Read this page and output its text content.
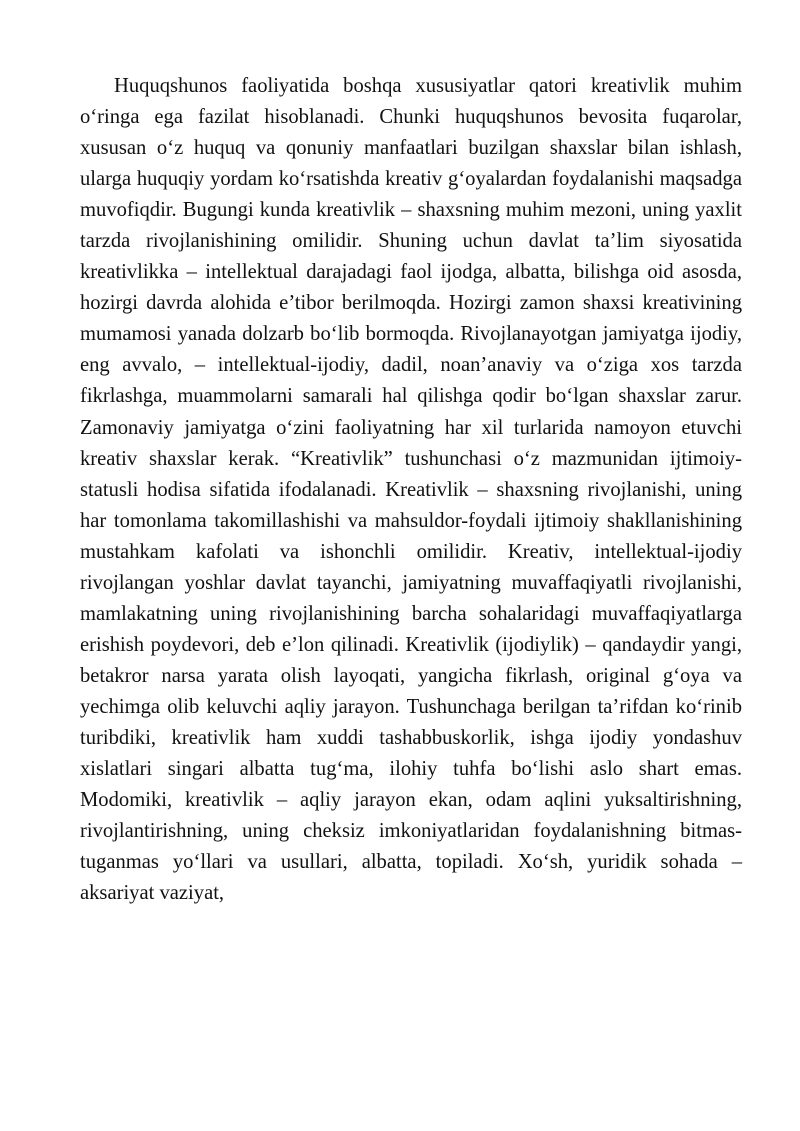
Huquqshunos faoliyatida boshqa xususiyatlar qatori kreativlik muhim o‘ringa ega fazilat hisoblanadi. Chunki huquqshunos bevosita fuqarolar, xususan o‘z huquq va qonuniy manfaatlari buzilgan shaxslar bilan ishlash, ularga huquqiy yordam ko‘rsatishda kreativ g‘oyalardan foydalanishi maqsadga muvofiqdir. Bugungi kunda kreativlik – shaxsning muhim mezoni, uning yaxlit tarzda rivojlanishining omilidir. Shuning uchun davlat ta’lim siyosatida kreativlikka – intellektual darajadagi faol ijodga, albatta, bilishga oid asosda, hozirgi davrda alohida e’tibor berilmoqda. Hozirgi zamon shaxsi kreativining mumamosi yanada dolzarb bo‘lib bormoqda. Rivojlanayotgan jamiyatga ijodiy, eng avvalo, – intellektual-ijodiy, dadil, noan’anaviy va o‘ziga xos tarzda fikrlashga, muammolarni samarali hal qilishga qodir bo‘lgan shaxslar zarur. Zamonaviy jamiyatga o‘zini faoliyatning har xil turlarida namoyon etuvchi kreativ shaxslar kerak. “Kreativlik” tushunchasi o‘z mazmunidan ijtimoiy-statusli hodisa sifatida ifodalanadi. Kreativlik – shaxsning rivojlanishi, uning har tomonlama takomillashishi va mahsuldor-foydali ijtimoiy shakllanishining mustahkam kafolati va ishonchli omilidir. Kreativ, intellektual-ijodiy rivojlangan yoshlar davlat tayanchi, jamiyatning muvaffaqiyatli rivojlanishi, mamlakatning uning rivojlanishining barcha sohalaridagi muvaffaqiyatlarga erishish poydevori, deb e’lon qilinadi. Kreativlik (ijodiylik) – qandaydir yangi, betakror narsa yarata olish layoqati, yangicha fikrlash, original g‘oya va yechimga olib keluvchi aqliy jarayon. Tushunchaga berilgan ta’rifdan ko‘rinib turibdiki, kreativlik ham xuddi tashabbuskorlik, ishga ijodiy yondashuv xislatlari singari albatta tug‘ma, ilohiy tuhfa bo‘lishi aslo shart emas. Modomiki, kreativlik – aqliy jarayon ekan, odam aqlini yuksaltirishning, rivojlantirishning, uning cheksiz imkoniyatlaridan foydalanishning bitmas-tuganmas yo‘llari va usullari, albatta, topiladi. Xo‘sh, yuridik sohada – aksariyat vaziyat,
